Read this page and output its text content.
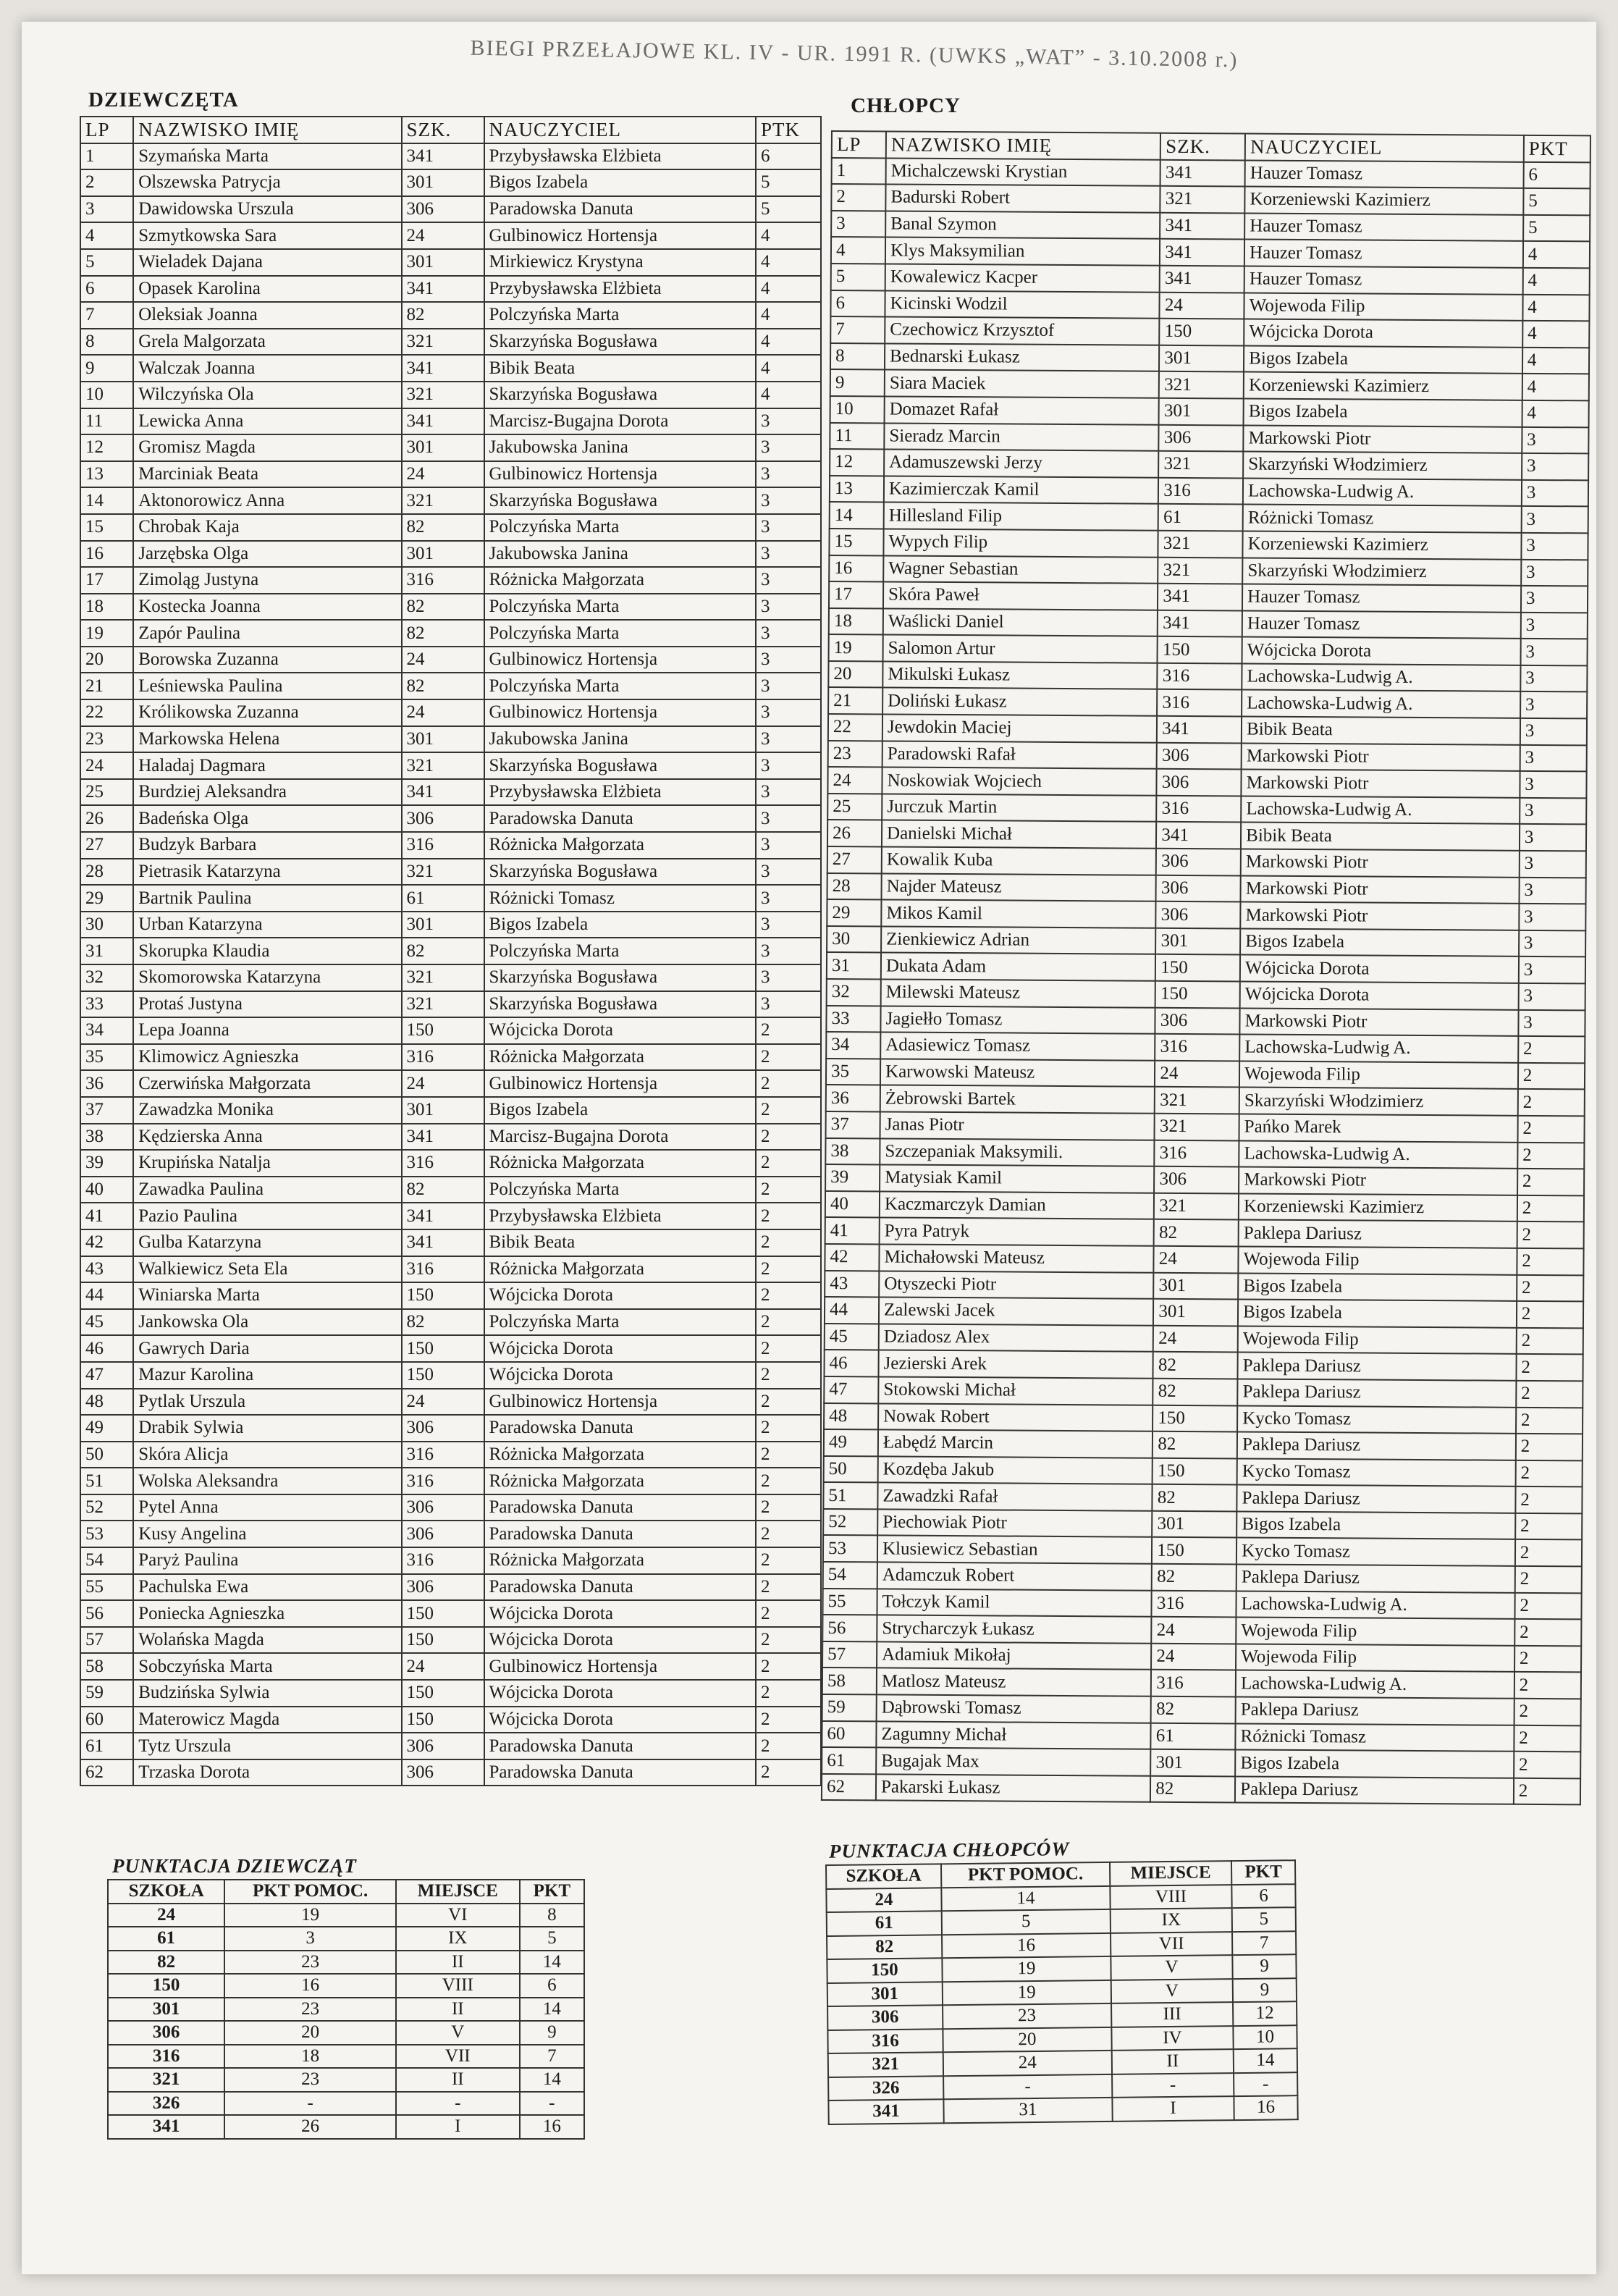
BIEGI PRZEŁAJOWE KL. IV - UR. 1991 R. (UWKS „WAT” - 3.10.2008 r.)
DZIEWCZĘTA	CHŁOPCY
LP	NAZWISKO IMIĘ	SZK.	NAUCZYCIEL	PTK
1	Szymańska Marta	341	Przybysławska Elżbieta	6
2	Olszewska Patrycja	301	Bigos Izabela	5
3	Dawidowska Urszula	306	Paradowska Danuta	5
4	Szmytkowska Sara	24	Gulbinowicz Hortensja	4
5	Wieladek Dajana	301	Mirkiewicz Krystyna	4
6	Opasek Karolina	341	Przybysławska Elżbieta	4
7	Oleksiak Joanna	82	Polczyńska Marta	4
8	Grela Malgorzata	321	Skarzyńska Bogusława	4
9	Walczak Joanna	341	Bibik Beata	4
10	Wilczyńska Ola	321	Skarzyńska Bogusława	4
11	Lewicka Anna	341	Marcisz-Bugajna Dorota	3
12	Gromisz Magda	301	Jakubowska Janina	3
13	Marciniak Beata	24	Gulbinowicz Hortensja	3
14	Aktonorowicz Anna	321	Skarzyńska Bogusława	3
15	Chrobak Kaja	82	Polczyńska Marta	3
16	Jarzębska Olga	301	Jakubowska Janina	3
17	Zimoląg Justyna	316	Różnicka Małgorzata	3
18	Kostecka Joanna	82	Polczyńska Marta	3
19	Zapór Paulina	82	Polczyńska Marta	3
20	Borowska Zuzanna	24	Gulbinowicz Hortensja	3
21	Leśniewska Paulina	82	Polczyńska Marta	3
22	Królikowska Zuzanna	24	Gulbinowicz Hortensja	3
23	Markowska Helena	301	Jakubowska Janina	3
24	Haladaj Dagmara	321	Skarzyńska Bogusława	3
25	Burdziej Aleksandra	341	Przybysławska Elżbieta	3
26	Badeńska Olga	306	Paradowska Danuta	3
27	Budzyk Barbara	316	Różnicka Małgorzata	3
28	Pietrasik Katarzyna	321	Skarzyńska Bogusława	3
29	Bartnik Paulina	61	Różnicki Tomasz	3
30	Urban Katarzyna	301	Bigos Izabela	3
31	Skorupka Klaudia	82	Polczyńska Marta	3
32	Skomorowska Katarzyna	321	Skarzyńska Bogusława	3
33	Protaś Justyna	321	Skarzyńska Bogusława	3
34	Lepa Joanna	150	Wójcicka Dorota	2
35	Klimowicz Agnieszka	316	Różnicka Małgorzata	2
36	Czerwińska Małgorzata	24	Gulbinowicz Hortensja	2
37	Zawadzka Monika	301	Bigos Izabela	2
38	Kędzierska Anna	341	Marcisz-Bugajna Dorota	2
39	Krupińska Natalja	316	Różnicka Małgorzata	2
40	Zawadka Paulina	82	Polczyńska Marta	2
41	Pazio Paulina	341	Przybysławska Elżbieta	2
42	Gulba Katarzyna	341	Bibik Beata	2
43	Walkiewicz Seta Ela	316	Różnicka Małgorzata	2
44	Winiarska Marta	150	Wójcicka Dorota	2
45	Jankowska Ola	82	Polczyńska Marta	2
46	Gawrych Daria	150	Wójcicka Dorota	2
47	Mazur Karolina	150	Wójcicka Dorota	2
48	Pytlak Urszula	24	Gulbinowicz Hortensja	2
49	Drabik Sylwia	306	Paradowska Danuta	2
50	Skóra Alicja	316	Różnicka Małgorzata	2
51	Wolska Aleksandra	316	Różnicka Małgorzata	2
52	Pytel Anna	306	Paradowska Danuta	2
53	Kusy Angelina	306	Paradowska Danuta	2
54	Paryż Paulina	316	Różnicka Małgorzata	2
55	Pachulska Ewa	306	Paradowska Danuta	2
56	Poniecka Agnieszka	150	Wójcicka Dorota	2
57	Wolańska Magda	150	Wójcicka Dorota	2
58	Sobczyńska Marta	24	Gulbinowicz Hortensja	2
59	Budzińska Sylwia	150	Wójcicka Dorota	2
60	Materowicz Magda	150	Wójcicka Dorota	2
61	Tytz Urszula	306	Paradowska Danuta	2
62	Trzaska Dorota	306	Paradowska Danuta	2
LP	NAZWISKO IMIĘ	SZK.	NAUCZYCIEL	PKT
1	Michalczewski Krystian	341	Hauzer Tomasz	6
2	Badurski Robert	321	Korzeniewski Kazimierz	5
3	Banal Szymon	341	Hauzer Tomasz	5
4	Klys Maksymilian	341	Hauzer Tomasz	4
5	Kowalewicz Kacper	341	Hauzer Tomasz	4
6	Kicinski Wodzil	24	Wojewoda Filip	4
7	Czechowicz Krzysztof	150	Wójcicka Dorota	4
8	Bednarski Łukasz	301	Bigos Izabela	4
9	Siara Maciek	321	Korzeniewski Kazimierz	4
10	Domazet Rafał	301	Bigos Izabela	4
11	Sieradz Marcin	306	Markowski Piotr	3
12	Adamuszewski Jerzy	321	Skarzyński Włodzimierz	3
13	Kazimierczak Kamil	316	Lachowska-Ludwig A.	3
14	Hillesland Filip	61	Różnicki Tomasz	3
15	Wypych Filip	321	Korzeniewski Kazimierz	3
16	Wagner Sebastian	321	Skarzyński Włodzimierz	3
17	Skóra Paweł	341	Hauzer Tomasz	3
18	Waślicki Daniel	341	Hauzer Tomasz	3
19	Salomon Artur	150	Wójcicka Dorota	3
20	Mikulski Łukasz	316	Lachowska-Ludwig A.	3
21	Doliński Łukasz	316	Lachowska-Ludwig A.	3
22	Jewdokin Maciej	341	Bibik Beata	3
23	Paradowski Rafał	306	Markowski Piotr	3
24	Noskowiak Wojciech	306	Markowski Piotr	3
25	Jurczuk Martin	316	Lachowska-Ludwig A.	3
26	Danielski Michał	341	Bibik Beata	3
27	Kowalik Kuba	306	Markowski Piotr	3
28	Najder Mateusz	306	Markowski Piotr	3
29	Mikos Kamil	306	Markowski Piotr	3
30	Zienkiewicz Adrian	301	Bigos Izabela	3
31	Dukata Adam	150	Wójcicka Dorota	3
32	Milewski Mateusz	150	Wójcicka Dorota	3
33	Jagiełło Tomasz	306	Markowski Piotr	3
34	Adasiewicz Tomasz	316	Lachowska-Ludwig A.	2
35	Karwowski Mateusz	24	Wojewoda Filip	2
36	Żebrowski Bartek	321	Skarzyński Włodzimierz	2
37	Janas Piotr	321	Pańko Marek	2
38	Szczepaniak Maksymili.	316	Lachowska-Ludwig A.	2
39	Matysiak Kamil	306	Markowski Piotr	2
40	Kaczmarczyk Damian	321	Korzeniewski Kazimierz	2
41	Pyra Patryk	82	Paklepa Dariusz	2
42	Michałowski Mateusz	24	Wojewoda Filip	2
43	Otyszecki Piotr	301	Bigos Izabela	2
44	Zalewski Jacek	301	Bigos Izabela	2
45	Dziadosz Alex	24	Wojewoda Filip	2
46	Jezierski Arek	82	Paklepa Dariusz	2
47	Stokowski Michał	82	Paklepa Dariusz	2
48	Nowak Robert	150	Kycko Tomasz	2
49	Łabędź Marcin	82	Paklepa Dariusz	2
50	Kozdęba Jakub	150	Kycko Tomasz	2
51	Zawadzki Rafał	82	Paklepa Dariusz	2
52	Piechowiak Piotr	301	Bigos Izabela	2
53	Klusiewicz Sebastian	150	Kycko Tomasz	2
54	Adamczuk Robert	82	Paklepa Dariusz	2
55	Tołczyk Kamil	316	Lachowska-Ludwig A.	2
56	Strycharczyk Łukasz	24	Wojewoda Filip	2
57	Adamiuk Mikołaj	24	Wojewoda Filip	2
58	Matlosz Mateusz	316	Lachowska-Ludwig A.	2
59	Dąbrowski Tomasz	82	Paklepa Dariusz	2
60	Zagumny Michał	61	Różnicki Tomasz	2
61	Bugajak Max	301	Bigos Izabela	2
62	Pakarski Łukasz	82	Paklepa Dariusz	2
PUNKTACJA DZIEWCZĄT
SZKOŁA	PKT POMOC.	MIEJSCE	PKT
24	19	VI	8
61	3	IX	5
82	23	II	14
150	16	VIII	6
301	23	II	14
306	20	V	9
316	18	VII	7
321	23	II	14
326	-	-	-
341	26	I	16
PUNKTACJA CHŁOPCÓW
SZKOŁA	PKT POMOC.	MIEJSCE	PKT
24	14	VIII	6
61	5	IX	5
82	16	VII	7
150	19	V	9
301	19	V	9
306	23	III	12
316	20	IV	10
321	24	II	14
326	-	-	-
341	31	I	16
